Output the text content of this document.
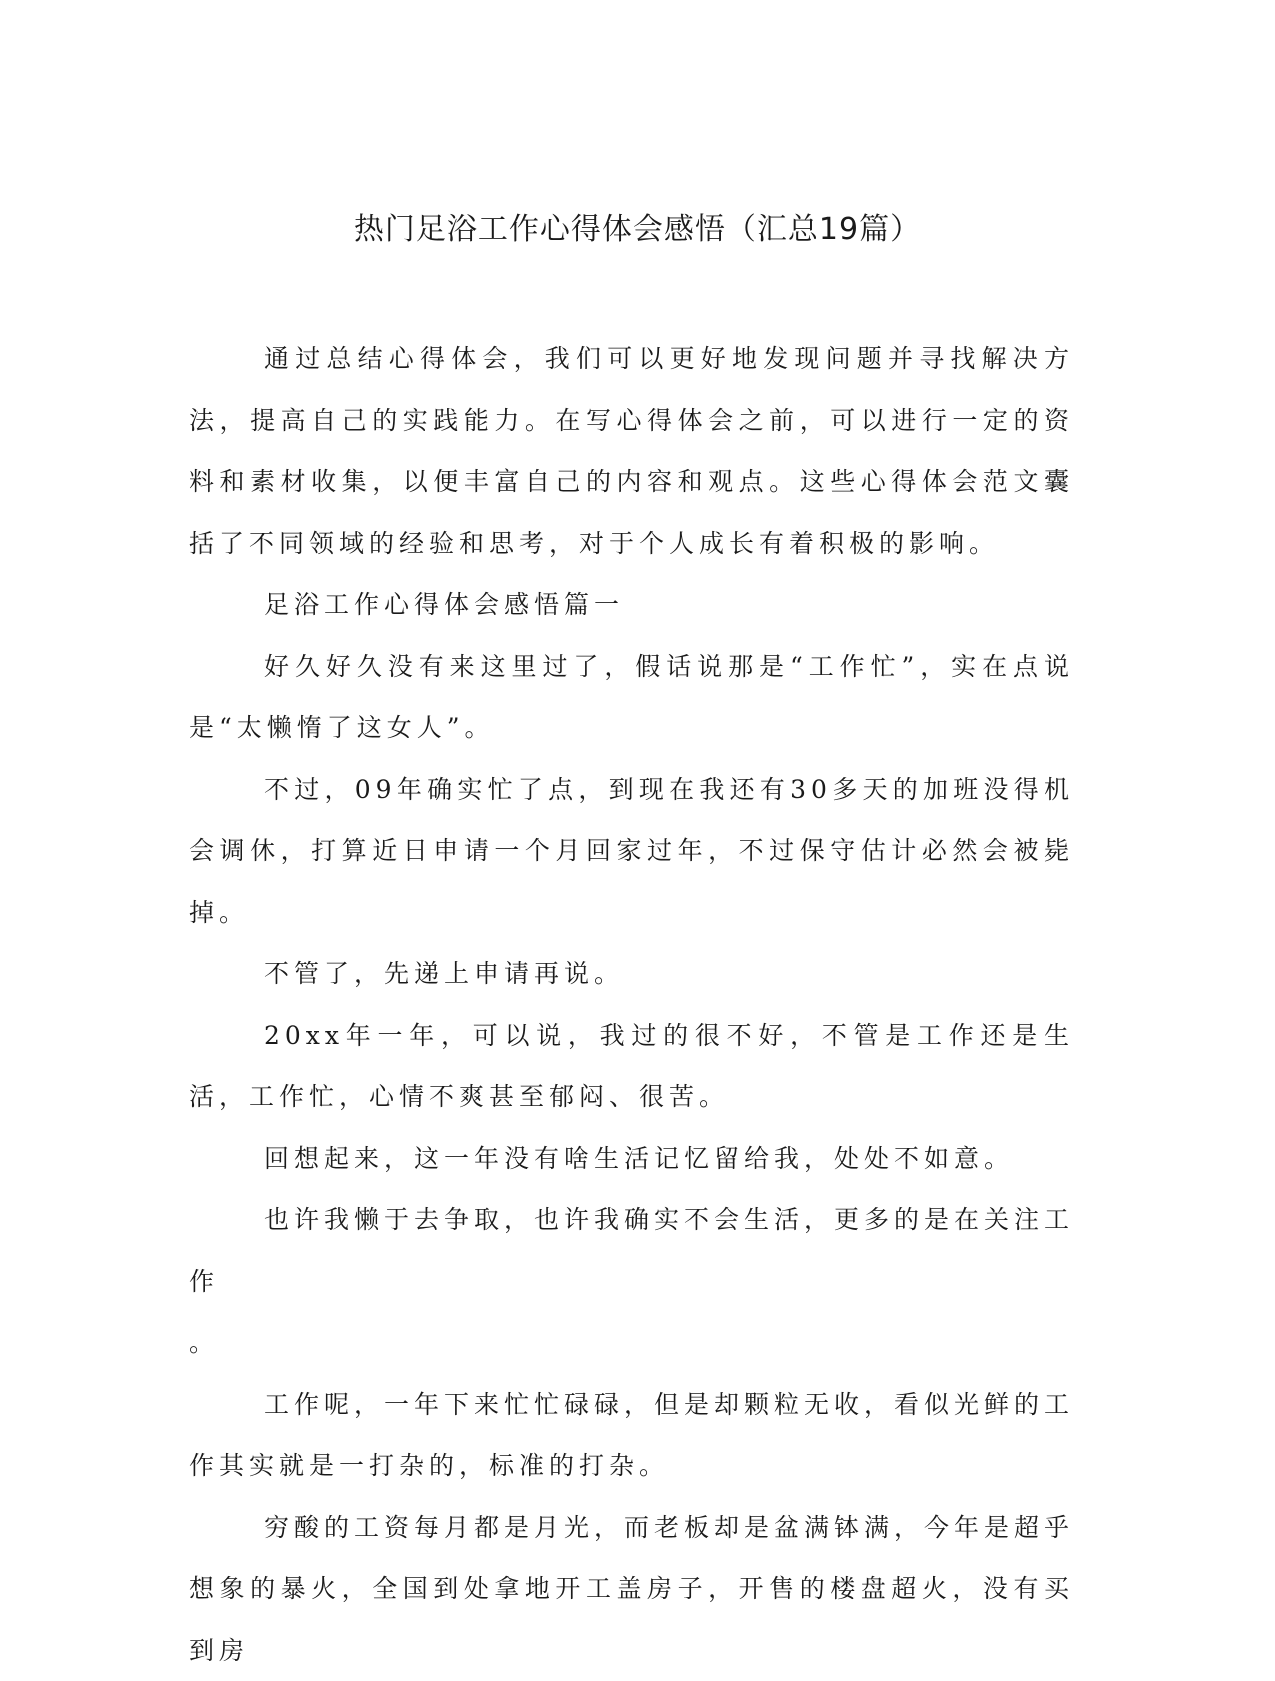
热门足浴工作心得体会感悟（汇总19篇）

通过总结心得体会，我们可以更好地发现问题并寻找解决方法，提高自己的实践能力。在写心得体会之前，可以进行一定的资料和素材收集，以便丰富自己的内容和观点。这些心得体会范文囊括了不同领域的经验和思考，对于个人成长有着积极的影响。

足浴工作心得体会感悟篇一

好久好久没有来这里过了，假话说那是“工作忙”，实在点说是“太懒惰了这女人”。

不过，09年确实忙了点，到现在我还有30多天的加班没得机会调休，打算近日申请一个月回家过年，不过保守估计必然会被毙掉。

不管了，先递上申请再说。

20xx年一年，可以说，我过的很不好，不管是工作还是生活，工作忙，心情不爽甚至郁闷、很苦。

回想起来，这一年没有啥生活记忆留给我，处处不如意。

也许我懒于去争取，也许我确实不会生活，更多的是在关注工作

。

工作呢，一年下来忙忙碌碌，但是却颗粒无收，看似光鲜的工作其实就是一打杂的，标准的打杂。

穷酸的工资每月都是月光，而老板却是盆满钵满，今年是超乎想象的暴火，全国到处拿地开工盖房子，开售的楼盘超火，没有买到房
